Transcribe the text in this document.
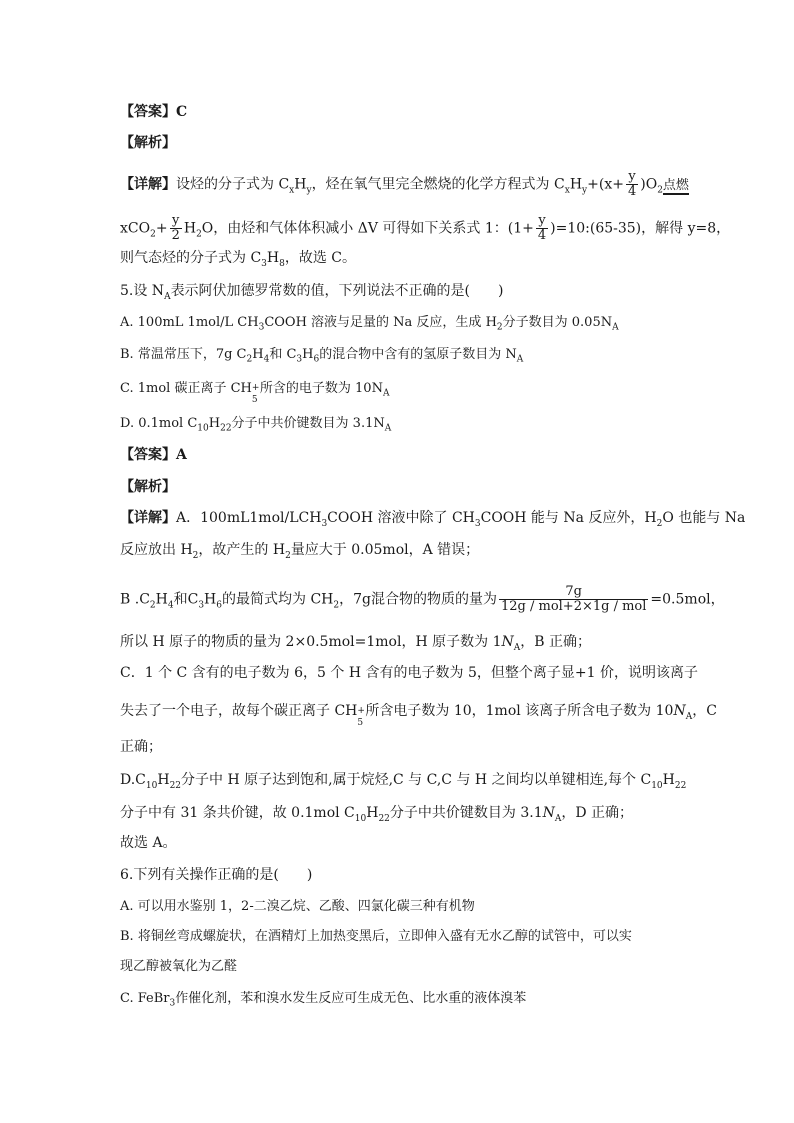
【答案】C
【解析】
【详解】设烃的分子式为 $C_xH_y$，烃在氧气里完全燃烧的化学方程式为 $C_xH_y+(x+ \frac{y}{4} )O_2$点燃
$xCO_2+ \frac{y}{2} H_2O$，由烃和气体体积减小 ΔV 可得如下关系式 1：($1+ \frac{y}{4}$ )=10:(65-35)，解得 y=8，
则气态烃的分子式为 $C_3H_8$，故选 C。
5.设 $N_A$表示阿伏加德罗常数的值，下列说法不正确的是(　　)
A. 100mL 1mol/L $CH_3COOH$ 溶液与足量的 Na 反应，生成 $H_2$分子数目为 $0.05N_A$
B. 常温常压下，7g $C_2H_4$和 $C_3H_6$的混合物中含有的氢原子数目为 $N_A$
C. 1mol 碳正离子 CH +
5
所含的电子数为 $10N_A$
D. 0.1mol $C_{10}H_{22}$分子中共价键数目为 $3.1N_A$
【答案】A
【解析】
【详解】A．$100mL1mol/LCH_3COOH$ 溶液中除了 $CH_3COOH$ 能与 Na 反应外，$H_2O$ 也能与 Na
反应放出 $H_2$，故产生的 $H_2$量应大于 0.05mol，A 错误；
B $.C_2H_4$和$C_3H_6$的最简式均为 $CH_2$，7g混合物的物质的量为 $\frac{7g}{\text{12g / mol+2×1g / mol}} =0.5mol$，
所以 H 原子的物质的量为 2×0.5mol=1mol，H 原子数为 $1N_A$，B 正确；
C．1 个 C 含有的电子数为 6，5 个 H 含有的电子数为 5，但整个离子显+1 价，说明该离子
失去了一个电子，故每个碳正离子 CH +
5
所含电子数为 10，1mol 该离子所含电子数为 $10N_A$，C
正确；
$D.C_{10}H_{22}$分子中 H 原子达到饱和,属于烷烃,C 与 C,C 与 H 之间均以单键相连,每个 $C_{10}H_{22}$
分子中有 31 条共价键，故 0.1mol $C_{10}H_{22}$分子中共价键数目为 $3.1N_A$，D 正确；
故选 A。
6.下列有关操作正确的是(　　)
A. 可以用水鉴别 1，2-二溴乙烷、乙酸、四氯化碳三种有机物
B. 将铜丝弯成螺旋状，在酒精灯上加热变黑后，立即伸入盛有无水乙醇的试管中，可以实
现乙醇被氧化为乙醛
C. FeBr$_3$作催化剂，苯和溴水发生反应可生成无色、比水重的液体溴苯
